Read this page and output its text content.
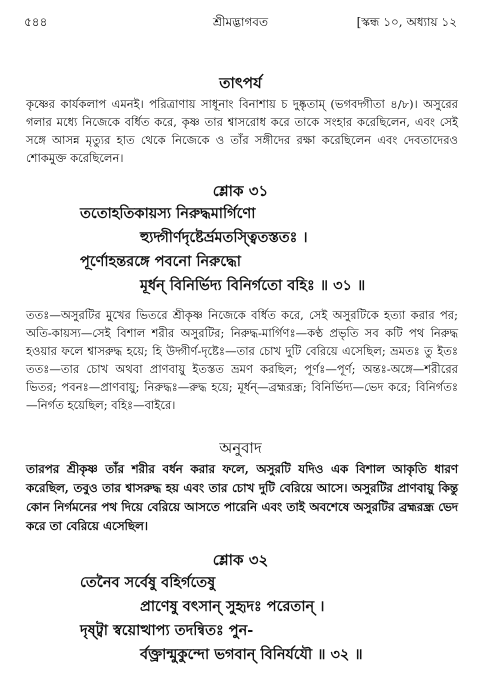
৫৪৪	শ্রীমদ্ভাগবত	[স্কন্ধ ১০, অধ্যায় ১২
তাৎপর্য
কৃষ্ণের কার্যকলাপ এমনই। পরিত্রাণায় সাধূনাং বিনাশায় চ দুষ্কৃতাম্ (ভগবদ্গীতা ৪/৮)। অসুরের গলার মধ্যে নিজেকে বর্ধিত করে, কৃষ্ণ তার শ্বাসরোধ করে তাকে সংহার করেছিলেন, এবং সেই সঙ্গে আসন্ন মৃত্যুর হাত থেকে নিজেকে ও তাঁর সঙ্গীদের রক্ষা করেছিলেন এবং দেবতাদেরও শোকমুক্ত করেছিলেন।
শ্লোক ৩১
ততোহতিকায়স্য নিরুদ্ধমার্গিণো
হ্যুদ্গীর্ণদৃষ্টের্ভ্রমতস্ত্বিতস্ততঃ ।
পূর্ণোহন্তরঙ্গে পবনো নিরুদ্ধো
মূর্ধন্ বিনির্ভিদ্য বিনির্গতো বহিঃ ॥ ৩১ ॥
ততঃ—অসুরটির মুখের ভিতরে শ্রীকৃষ্ণ নিজেকে বর্ধিত করে, সেই অসুরটিকে হত্যা করার পর; অতি-কায়স্য—সেই বিশাল শরীর অসুরটির; নিরুদ্ধ-মার্গিণঃ—কণ্ঠ প্রভৃতি সব কটি পথ নিরুদ্ধ হওয়ার ফলে শ্বাসরুদ্ধ হয়ে; হি উদ্গীর্ণ-দৃষ্টেঃ—তার চোখ দুটি বেরিয়ে এসেছিল; ভ্রমতঃ তু ইতঃ ততঃ—তার চোখ অথবা প্রাণবায়ু ইতস্তত ভ্রমণ করছিল; পূর্ণঃ—পূর্ণ; অন্তঃ-অঙ্গে—শরীরের ভিতর; পবনঃ—প্রাণবায়ু; নিরুদ্ধঃ—রুদ্ধ হয়ে; মূর্ধন্—ব্রহ্মরন্ধ্র; বিনির্ভিদ্য—ভেদ করে; বিনির্গতঃ—নির্গত হয়েছিল; বহিঃ—বাইরে।
অনুবাদ
তারপর শ্রীকৃষ্ণ তাঁর শরীর বর্ধন করার ফলে, অসুরটি যদিও এক বিশাল আকৃতি ধারণ করেছিল, তবুও তার শ্বাসরুদ্ধ হয় এবং তার চোখ দুটি বেরিয়ে আসে। অসুরটির প্রাণবায়ু কিন্তু কোন নির্গমনের পথ দিয়ে বেরিয়ে আসতে পারেনি এবং তাই অবশেষে অসুরটির ব্রহ্মরন্ধ্র ভেদ করে তা বেরিয়ে এসেছিল।
শ্লোক ৩২
তেনৈব সর্বেষু বহির্গতেষু
প্রাণেষু বৎসান্ সুহৃদঃ পরেতান্ ।
দৃষ্ট্বা স্বয়োত্থাপ্য তদন্বিতঃ পুন-
র্বক্ত্রান্মুকুন্দো ভগবান্ বিনির্যযৌ ॥ ৩২ ॥
